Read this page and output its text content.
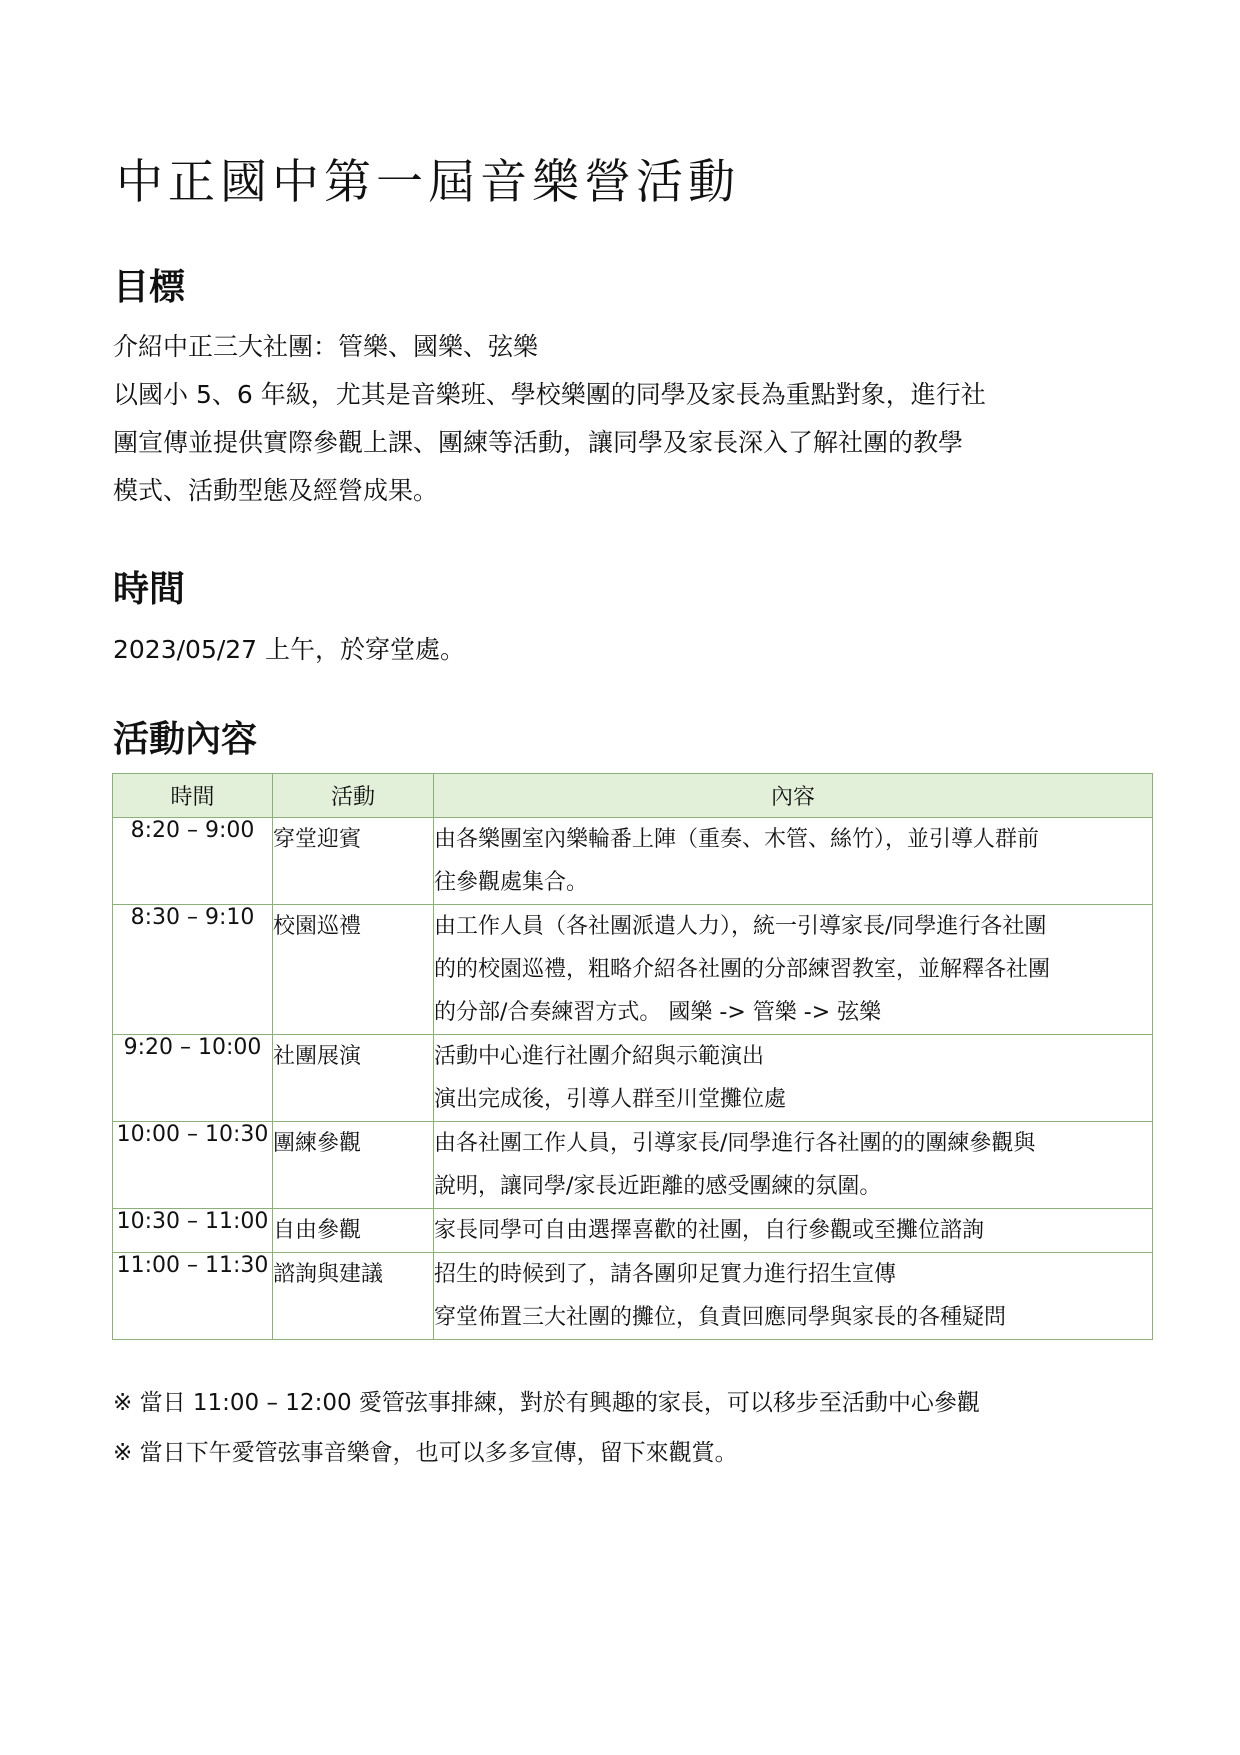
中正國中第一屆音樂營活動
目標
介紹中正三大社團：管樂、國樂、弦樂
以國小 5、6 年級，尤其是音樂班、學校樂團的同學及家長為重點對象，進行社
團宣傳並提供實際參觀上課、團練等活動，讓同學及家長深入了解社團的教學
模式、活動型態及經營成果。
時間
2023/05/27 上午，於穿堂處。
活動內容
時間	活動	內容
8:20 – 9:00	穿堂迎賓	由各樂團室內樂輪番上陣（重奏、木管、絲竹），並引導人群前
往參觀處集合。

8:30 – 9:10	校園巡禮	由工作人員（各社團派遣人力），統一引導家長/同學進行各社團
的的校園巡禮，粗略介紹各社團的分部練習教室，並解釋各社團
的分部/合奏練習方式。 國樂 -> 管樂 -> 弦樂

9:20 – 10:00	社團展演	活動中心進行社團介紹與示範演出
演出完成後，引導人群至川堂攤位處

10:00 – 10:30	團練參觀	由各社團工作人員，引導家長/同學進行各社團的的團練參觀與
說明，讓同學/家長近距離的感受團練的氛圍。

10:30 – 11:00	自由參觀	家長同學可自由選擇喜歡的社團，自行參觀或至攤位諮詢

11:00 – 11:30	諮詢與建議	招生的時候到了，請各團卯足實力進行招生宣傳
穿堂佈置三大社團的攤位，負責回應同學與家長的各種疑問
※ 當日 11:00 – 12:00 愛管弦事排練，對於有興趣的家長，可以移步至活動中心參觀
※ 當日下午愛管弦事音樂會，也可以多多宣傳，留下來觀賞。
